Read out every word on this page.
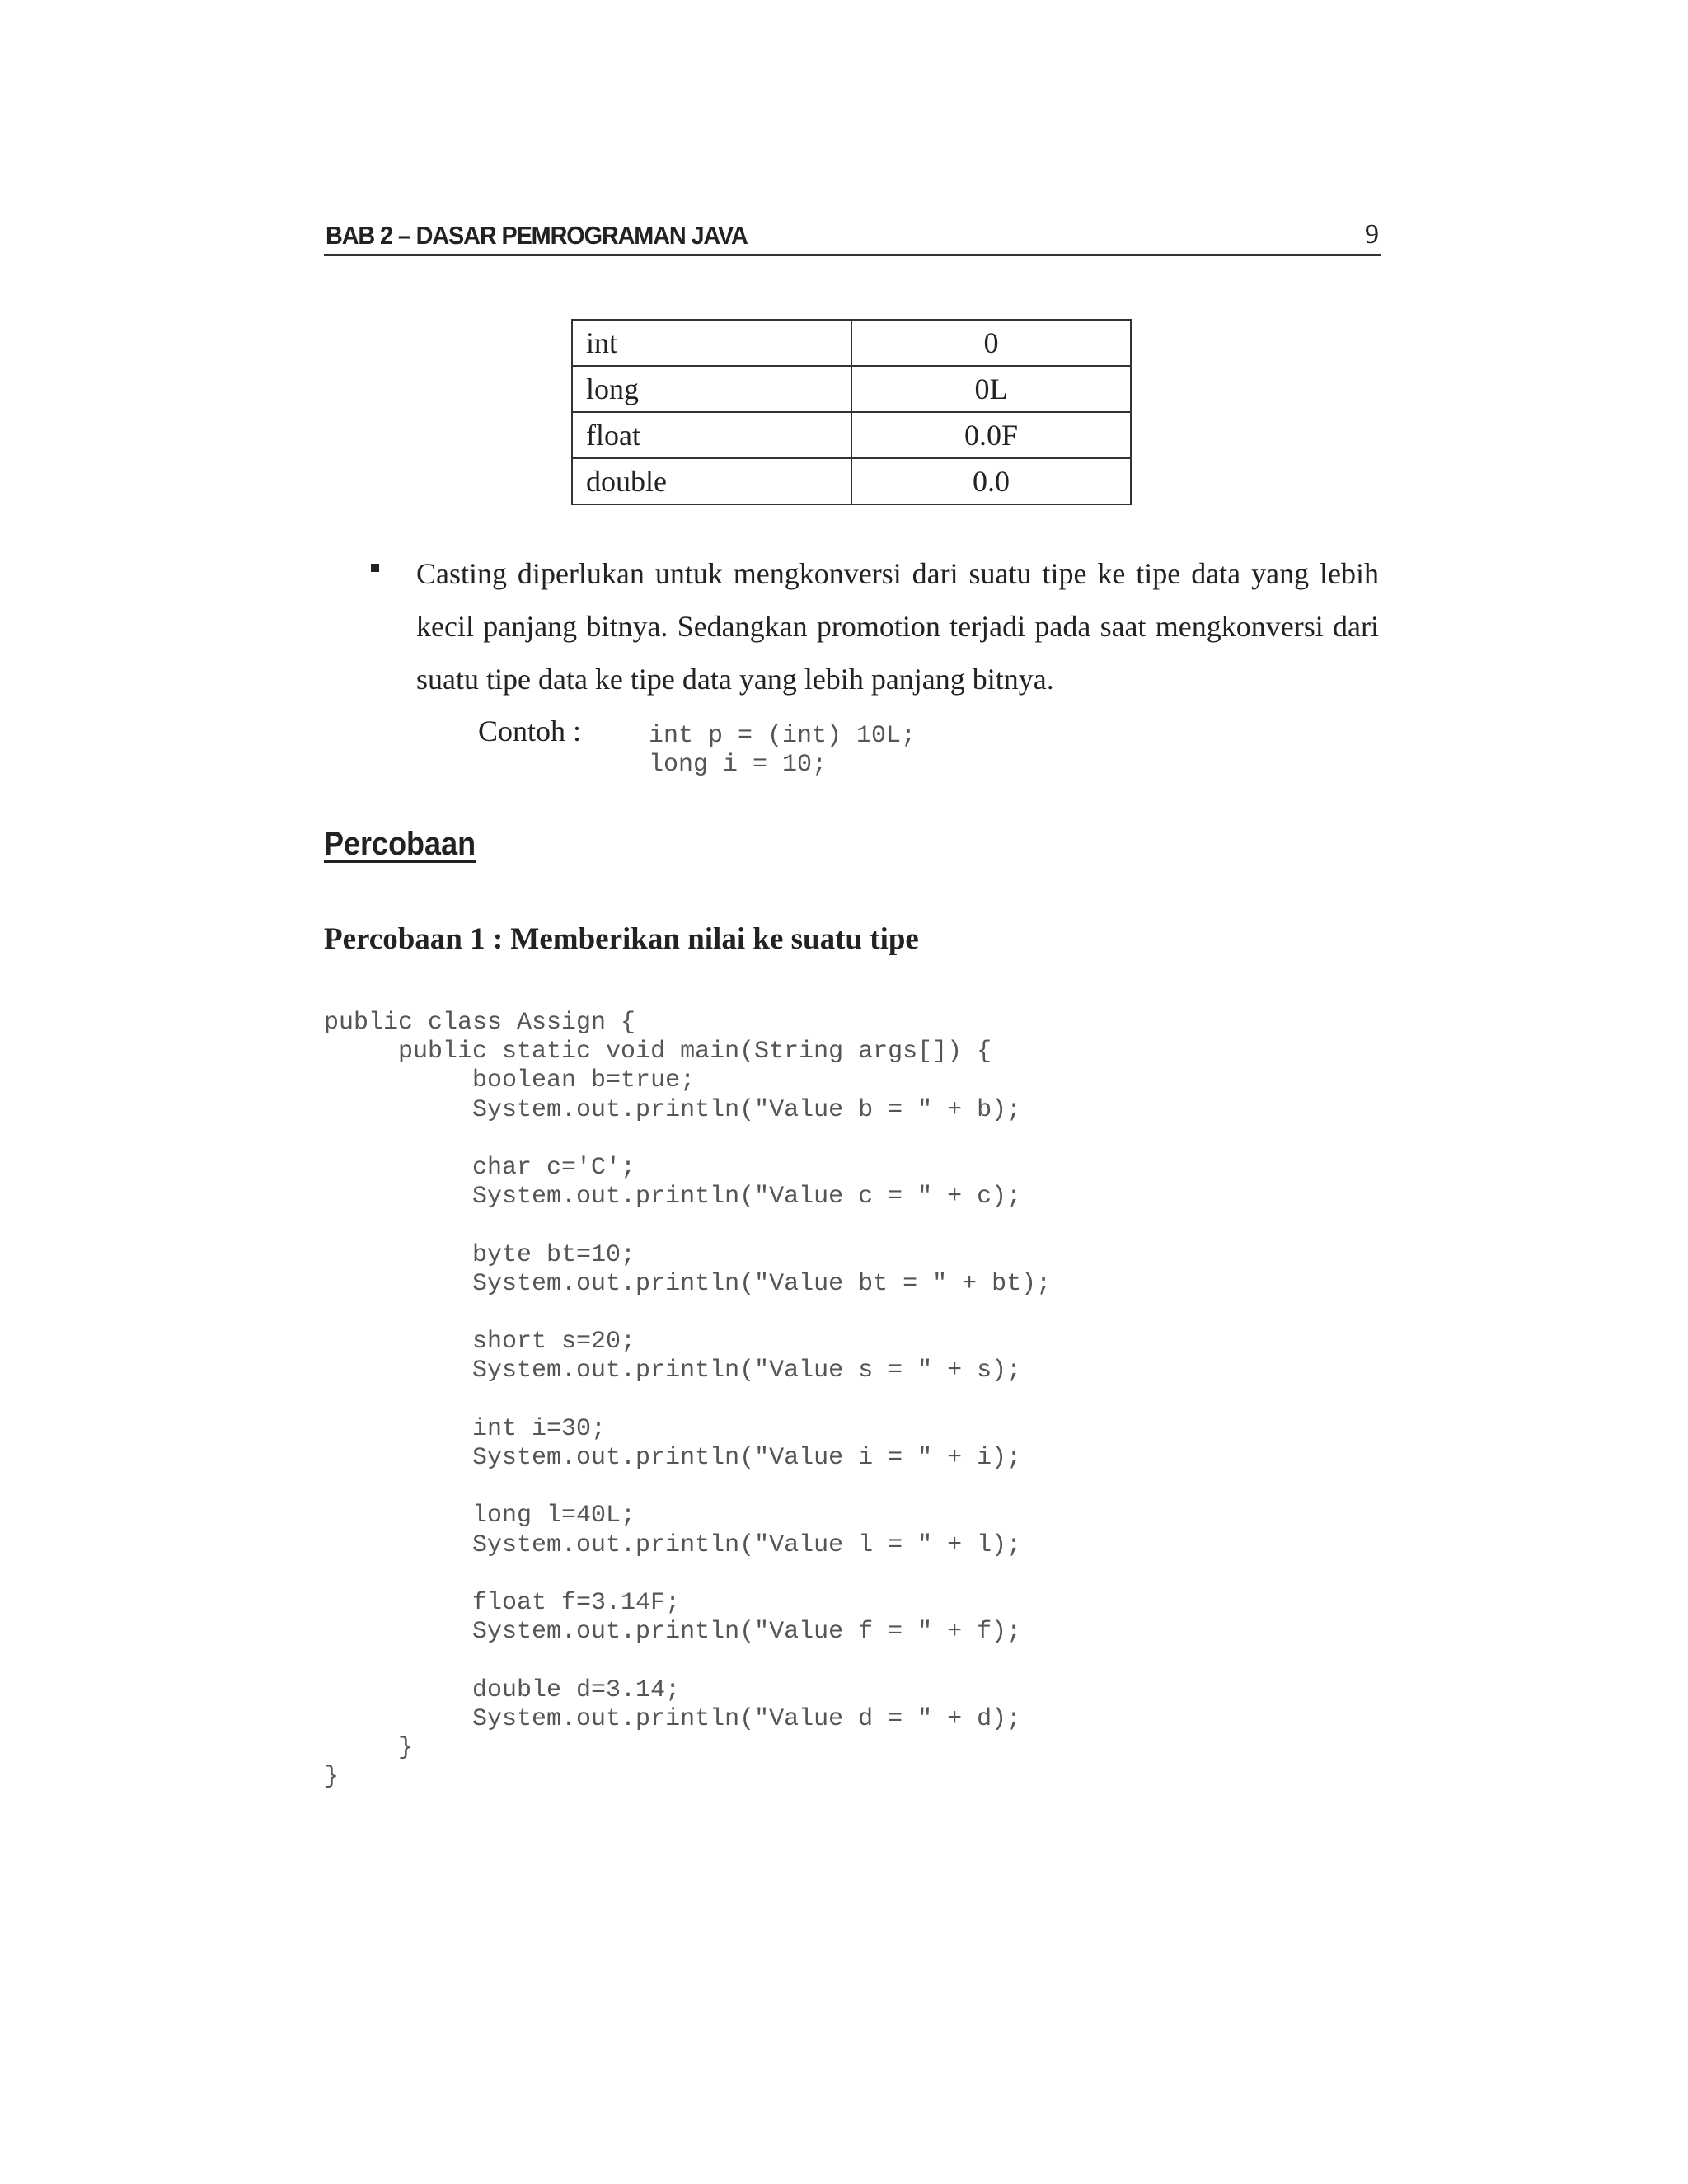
BAB 2 – DASAR PEMROGRAMAN JAVA	9
int	0
long	0L
float	0.0F
double	0.0
Casting diperlukan untuk mengkonversi dari suatu tipe ke tipe data yang lebih kecil panjang bitnya. Sedangkan promotion terjadi pada saat mengkonversi dari suatu tipe data ke tipe data yang lebih panjang bitnya.
Contoh :	int p = (int) 10L;
long i = 10;
Percobaan
Percobaan 1 : Memberikan nilai ke suatu tipe
public class Assign {
public static void main(String args[]) {
boolean b=true;
System.out.println("Value b = " + b);

char c='C';
System.out.println("Value c = " + c);

byte bt=10;
System.out.println("Value bt = " + bt);

short s=20;
System.out.println("Value s = " + s);

int i=30;
System.out.println("Value i = " + i);

long l=40L;
System.out.println("Value l = " + l);

float f=3.14F;
System.out.println("Value f = " + f);

double d=3.14;
System.out.println("Value d = " + d);
}
}
